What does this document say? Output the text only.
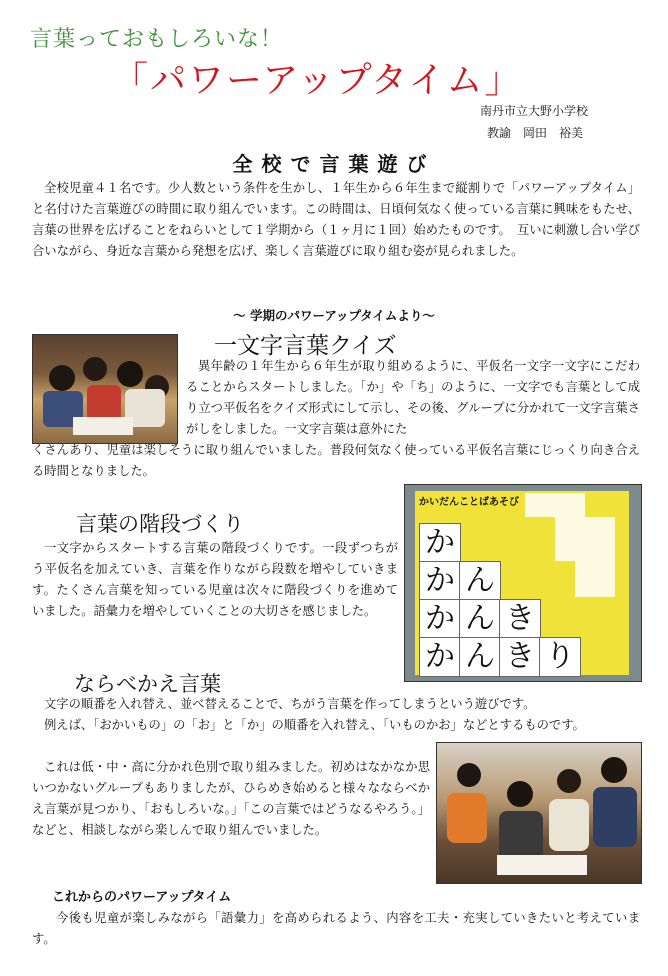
言葉っておもしろいな！
「パワーアップタイム」
南丹市立大野小学校
教諭　岡田　裕美
全校で言葉遊び
全校児童４１名です。少人数という条件を生かし、１年生から６年生まで縦割りで「パワーアップタイム」と名付けた言葉遊びの時間に取り組んでいます。この時間は、日頃何気なく使っている言葉に興味をもたせ、言葉の世界を広げることをねらいとして１学期から（１ヶ月に１回）始めたものです。　互いに刺激し合い学び合いながら、身近な言葉から発想を広げ、楽しく言葉遊びに取り組む姿が見られました。
～ 学期のパワーアップタイムより～
一文字言葉クイズ
異年齢の１年生から６年生が取り組めるように、平仮名一文字一文字にこだわることからスタートしました。「か」や「ち」のように、一文字でも言葉として成り立つ平仮名をクイズ形式にして示し、その後、グループに分かれて一文字言葉さがしをしました。一文字言葉は意外にた
くさんあり、児童は楽しそうに取り組んでいました。普段何気なく使っている平仮名言葉にじっくり向き合える時間となりました。
かいだんことばあそび
か
か ん
か ん き
か ん き り
言葉の階段づくり
一文字からスタートする言葉の階段づくりです。一段ずつちがう平仮名を加えていき、言葉を作りながら段数を増やしていきます。たくさん言葉を知っている児童は次々に階段づくりを進めていました。語彙力を増やしていくことの大切さを感じました。
ならべかえ言葉
文字の順番を入れ替え、並べ替えることで、ちがう言葉を作ってしまうという遊びです。
例えば、「おかいもの」の「お」と「か」の順番を入れ替え、「いものかお」などとするものです。
これは低・中・高に分かれ色別で取り組みました。初めはなかなか思いつかないグループもありましたが、ひらめき始めると様々なならべかえ言葉が見つかり、「おもしろいな。」「この言葉ではどうなるやろう。」などと、相談しながら楽しんで取り組んでいました。
これからのパワーアップタイム
今後も児童が楽しみながら「語彙力」を高められるよう、内容を工夫・充実していきたいと考えています。
